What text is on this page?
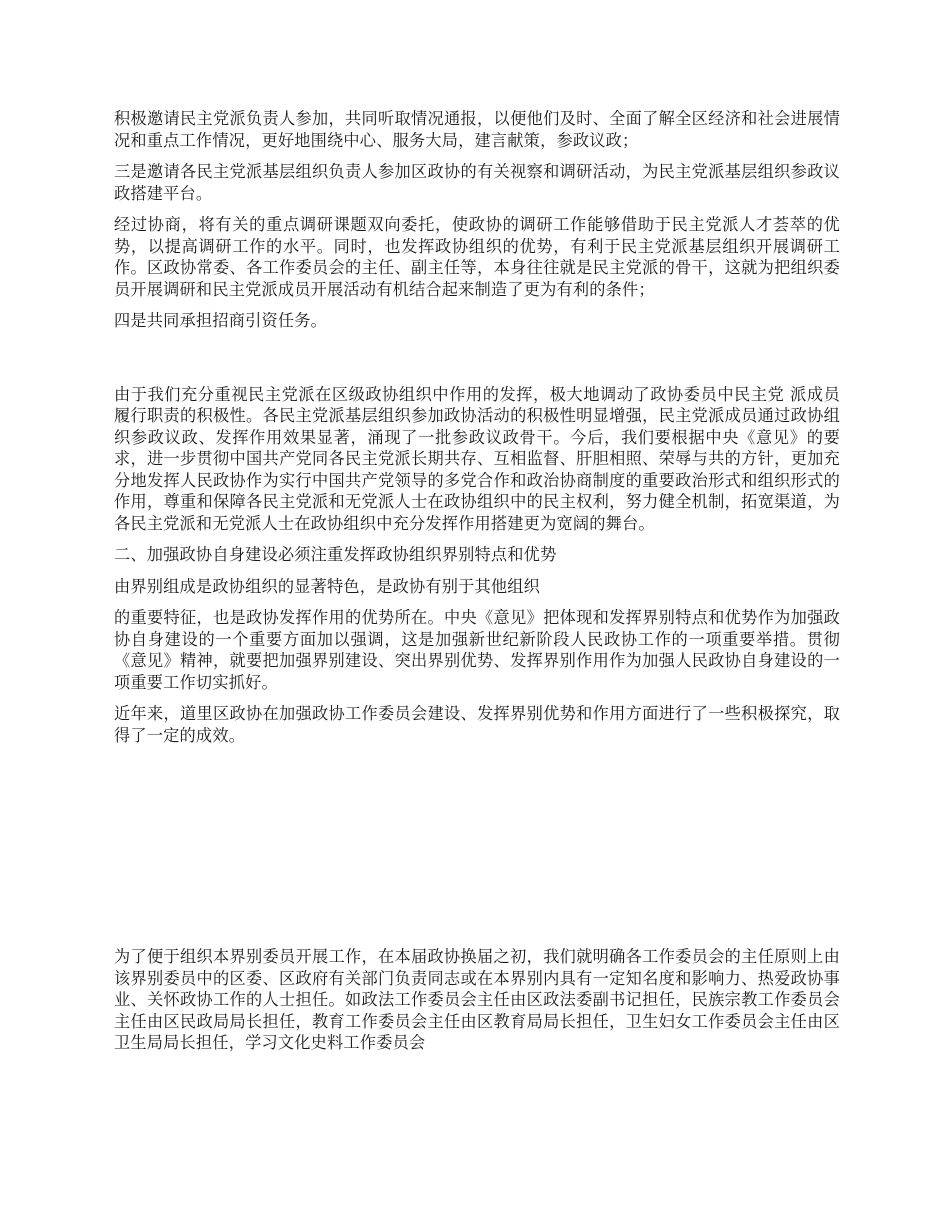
积极邀请民主党派负责人参加，共同听取情况通报，以便他们及时、全面了解全区经济和社会进展情况和重点工作情况，更好地围绕中心、服务大局，建言献策，参政议政；

三是邀请各民主党派基层组织负责人参加区政协的有关视察和调研活动，为民主党派基层组织参政议政搭建平台。

经过协商，将有关的重点调研课题双向委托，使政协的调研工作能够借助于民主党派人才荟萃的优势，以提高调研工作的水平。同时，也发挥政协组织的优势，有利于民主党派基层组织开展调研工作。区政协常委、各工作委员会的主任、副主任等，本身往往就是民主党派的骨干，这就为把组织委员开展调研和民主党派成员开展活动有机结合起来制造了更为有利的条件；

四是共同承担招商引资任务。

由于我们充分重视民主党派在区级政协组织中作用的发挥，极大地调动了政协委员中民主党 派成员履行职责的积极性。各民主党派基层组织参加政协活动的积极性明显增强，民主党派成员通过政协组织参政议政、发挥作用效果显著，涌现了一批参政议政骨干。今后，我们要根据中央《意见》的要求，进一步贯彻中国共产党同各民主党派长期共存、互相监督、肝胆相照、荣辱与共的方针，更加充分地发挥人民政协作为实行中国共产党领导的多党合作和政治协商制度的重要政治形式和组织形式的作用，尊重和保障各民主党派和无党派人士在政协组织中的民主权利，努力健全机制，拓宽渠道，为各民主党派和无党派人士在政协组织中充分发挥作用搭建更为宽阔的舞台。

二、加强政协自身建设必须注重发挥政协组织界别特点和优势

由界别组成是政协组织的显著特色，是政协有别于其他组织

的重要特征，也是政协发挥作用的优势所在。中央《意见》把体现和发挥界别特点和优势作为加强政协自身建设的一个重要方面加以强调，这是加强新世纪新阶段人民政协工作的一项重要举措。贯彻《意见》精神，就要把加强界别建设、突出界别优势、发挥界别作用作为加强人民政协自身建设的一项重要工作切实抓好。

近年来，道里区政协在加强政协工作委员会建设、发挥界别优势和作用方面进行了一些积极探究，取得了一定的成效。

为了便于组织本界别委员开展工作，在本届政协换届之初，我们就明确各工作委员会的主任原则上由该界别委员中的区委、区政府有关部门负责同志或在本界别内具有一定知名度和影响力、热爱政协事业、关怀政协工作的人士担任。如政法工作委员会主任由区政法委副书记担任，民族宗教工作委员会主任由区民政局局长担任，教育工作委员会主任由区教育局局长担任，卫生妇女工作委员会主任由区卫生局局长担任，学习文化史料工作委员会
